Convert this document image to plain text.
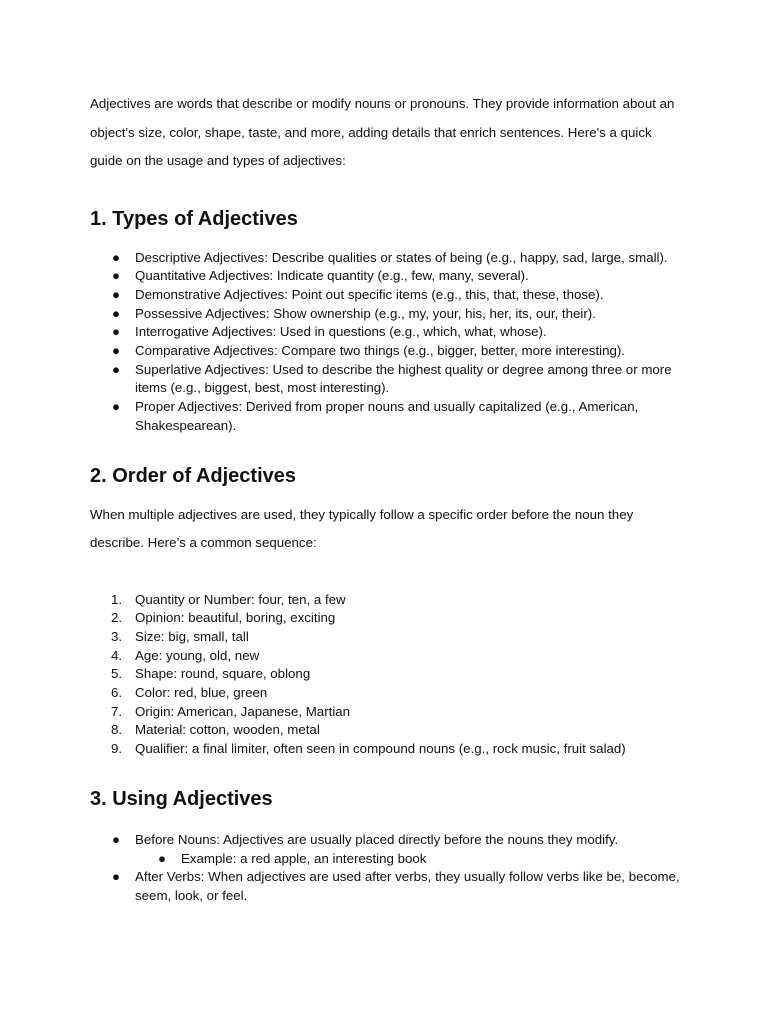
Adjectives are words that describe or modify nouns or pronouns. They provide information about an object's size, color, shape, taste, and more, adding details that enrich sentences. Here's a quick guide on the usage and types of adjectives:

1. Types of Adjectives
● Descriptive Adjectives: Describe qualities or states of being (e.g., happy, sad, large, small).
● Quantitative Adjectives: Indicate quantity (e.g., few, many, several).
● Demonstrative Adjectives: Point out specific items (e.g., this, that, these, those).
● Possessive Adjectives: Show ownership (e.g., my, your, his, her, its, our, their).
● Interrogative Adjectives: Used in questions (e.g., which, what, whose).
● Comparative Adjectives: Compare two things (e.g., bigger, better, more interesting).
● Superlative Adjectives: Used to describe the highest quality or degree among three or more items (e.g., biggest, best, most interesting).
● Proper Adjectives: Derived from proper nouns and usually capitalized (e.g., American, Shakespearean).
2. Order of Adjectives

When multiple adjectives are used, they typically follow a specific order before the noun they describe. Here’s a common sequence:

1. Quantity or Number: four, ten, a few
2. Opinion: beautiful, boring, exciting
3. Size: big, small, tall
4. Age: young, old, new
5. Shape: round, square, oblong
6. Color: red, blue, green
7. Origin: American, Japanese, Martian
8. Material: cotton, wooden, metal
9. Qualifier: a final limiter, often seen in compound nouns (e.g., rock music, fruit salad)
3. Using Adjectives
● Before Nouns: Adjectives are usually placed directly before the nouns they modify.
● Example: a red apple, an interesting book
● After Verbs: When adjectives are used after verbs, they usually follow verbs like be, become, seem, look, or feel.
